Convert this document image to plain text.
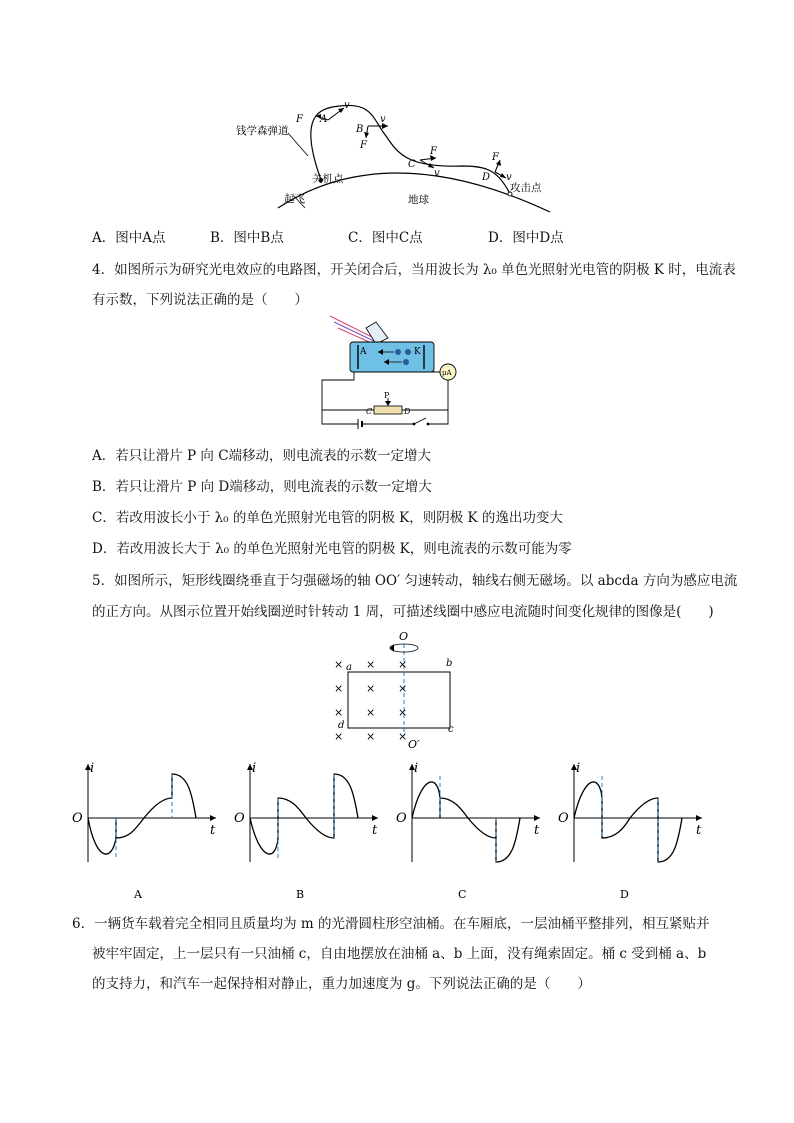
钱学森弹道
关机点
起飞	地球
攻击点
A
F
v
B
v
F
C
F
v	D
F
v
A．图中A点	B．图中B点	C．图中C点	D．图中D点
4．如图所示为研究光电效应的电路图，开关闭合后，当用波长为 λ₀ 单色光照射光电管的阴极 K 时，电流表
有示数，下列说法正确的是（　　）
A	K
μA
P
C	D
A．若只让滑片 P 向 C端移动，则电流表的示数一定增大
B．若只让滑片 P 向 D端移动，则电流表的示数一定增大
C．若改用波长小于 λ₀ 的单色光照射光电管的阴极 K，则阴极 K 的逸出功变大
D．若改用波长大于 λ₀ 的单色光照射光电管的阴极 K，则电流表的示数可能为零
5．如图所示，矩形线圈绕垂直于匀强磁场的轴 OO′ 匀速转动，轴线右侧无磁场。以 abcda 方向为感应电流
的正方向。从图示位置开始线圈逆时针转动 1 周，可描述线圈中感应电流随时间变化规律的图像是(　　)
O
O′
a	b
c
d
× × ×
× × ×
× × ×
× × ×
i
t
O
A
i
t
O
B
i
t
O
C
i
t
O
D
6．一辆货车载着完全相同且质量均为 m 的光滑圆柱形空油桶。在车厢底，一层油桶平整排列，相互紧贴并
被牢牢固定，上一层只有一只油桶 c，自由地摆放在油桶 a、b 上面，没有绳索固定。桶 c 受到桶 a、b
的支持力，和汽车一起保持相对静止，重力加速度为 g。下列说法正确的是（　　）
